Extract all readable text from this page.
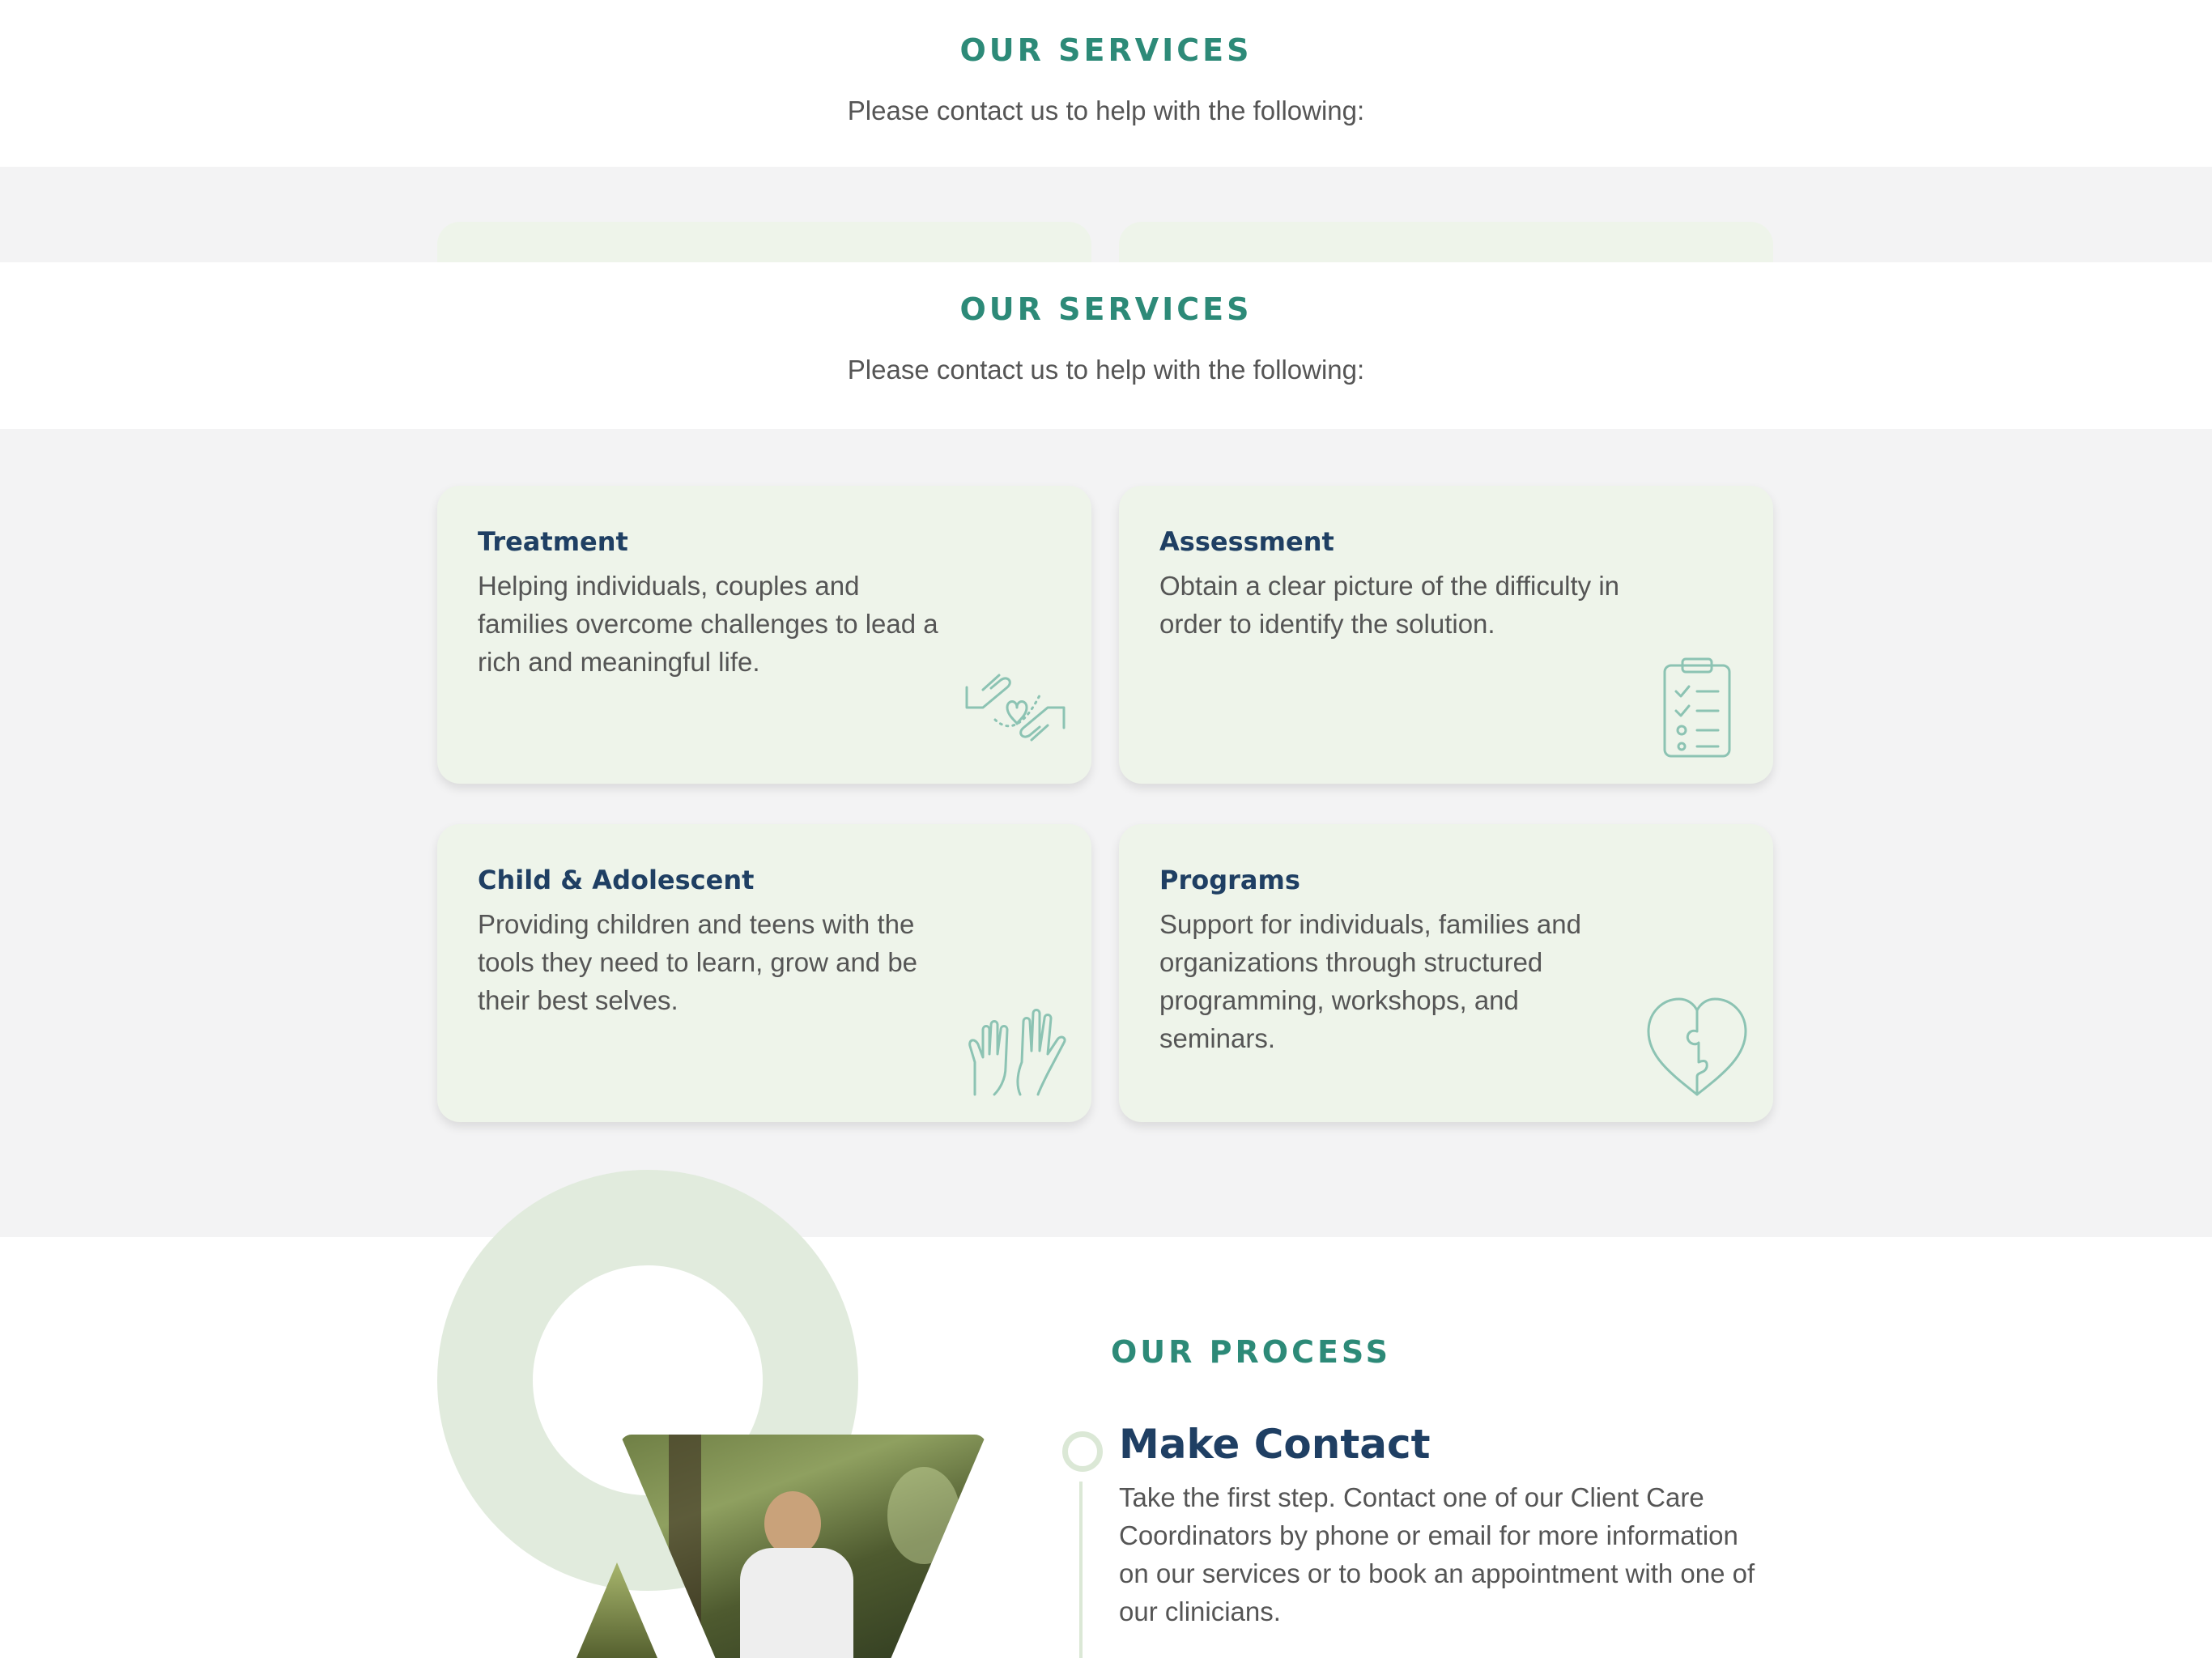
OUR SERVICES
Please contact us to help with the following:
OUR SERVICES
Please contact us to help with the following:
Treatment
Helping individuals, couples and families overcome challenges to lead a rich and meaningful life.
Assessment
Obtain a clear picture of the difficulty in order to identify the solution.
Child & Adolescent
Providing children and teens with the tools they need to learn, grow and be their best selves.
Programs
Support for individuals, families and organizations through structured programming, workshops, and seminars.
OUR PROCESS
Make Contact
Take the first step. Contact one of our Client Care Coordinators by phone or email for more information on our services or to book an appointment with one of our clinicians.
